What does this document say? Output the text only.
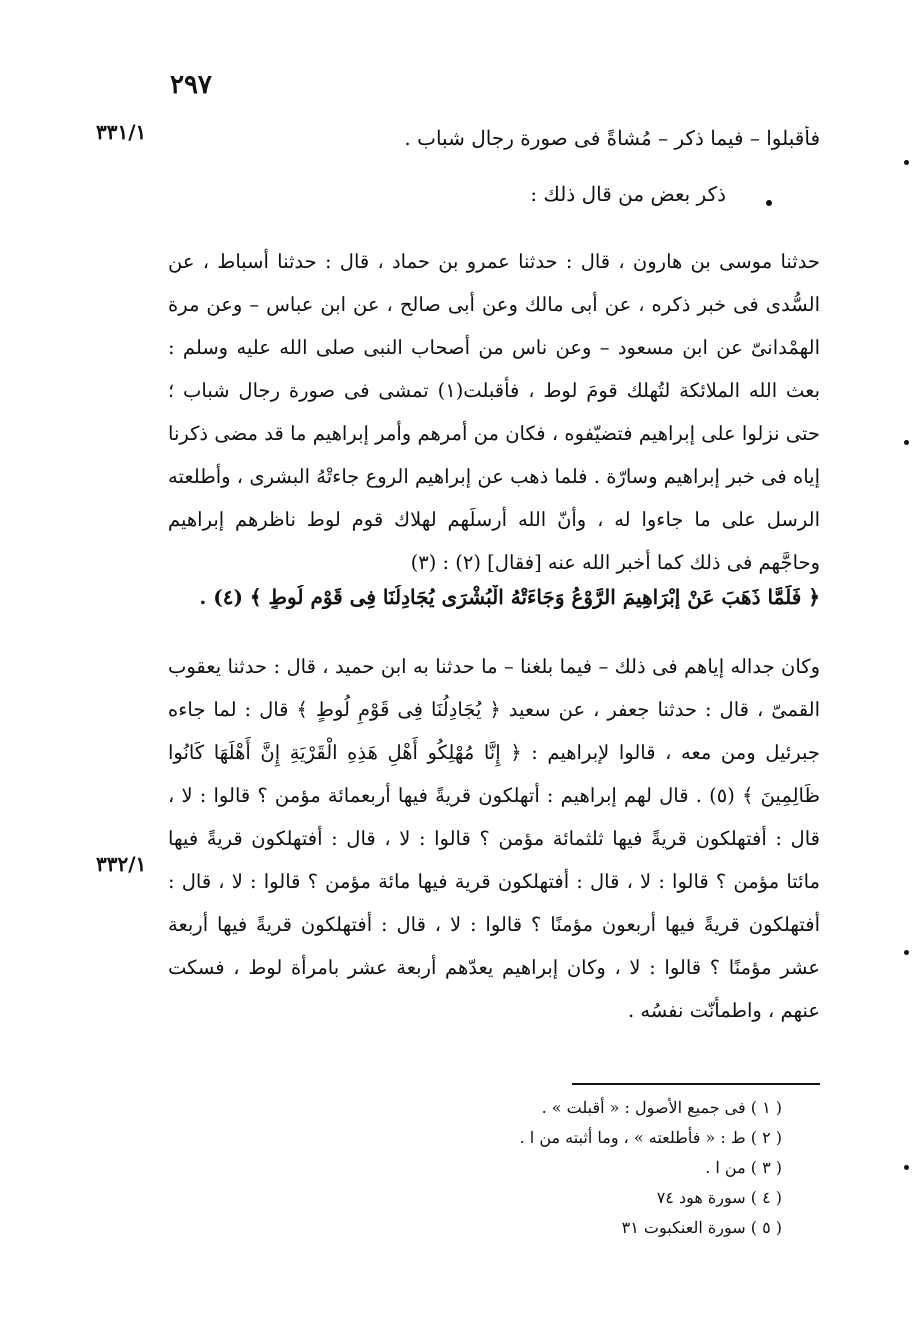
٢٩٧
٣٣١/١
٣٣٢/١
فأقبلوا – فيما ذكر – مُشاةً فى صورة رجال شباب .
ذكر بعض من قال ذلك :
حدثنا موسى بن هارون ، قال : حدثنا عمرو بن حماد ، قال : حدثنا أسباط ، عن السُّدى فى خبر ذكره ، عن أبى مالك وعن أبى صالح ، عن ابن عباس – وعن مرة الهمْدانىّ عن ابن مسعود – وعن ناس من أصحاب النبى صلى الله عليه وسلم : بعث الله الملائكة لتُهلك قومَ لوط ، فأقبلت(١) تمشى فى صورة رجال شباب ؛ حتى نزلوا على إبراهيم فتضيّفوه ، فكان من أمرهم وأمر إبراهيم ما قد مضى ذكرنا إياه فى خبر إبراهيم وسارّة . فلما ذهب عن إبراهيم الروع جاءتْهُ البشرى ، وأطلعته الرسل على ما جاءوا له ، وأنّ الله أرسلَهم لهلاك قوم لوط ناظرهم إبراهيم وحاجَّهم فى ذلك كما أخبر الله عنه [فقال] (٢) : (٣)
﴿ فَلَمَّا ذَهَبَ عَنْ إِبْرَاهِيمَ الرَّوْعُ وَجَاءَتْهُ الْبُشْرَى يُجَادِلُنَا فِى قَوْمِ لُوطٍ ﴾ (٤) .
وكان جداله إياهم فى ذلك – فيما بلغنا – ما حدثنا به ابن حميد ، قال : حدثنا يعقوب القمىّ ، قال : حدثنا جعفر ، عن سعيد ﴿ يُجَادِلُنَا فِى قَوْمِ لُوطٍ ﴾ قال : لما جاءه جبرئيل ومن معه ، قالوا لإبراهيم : ﴿ إِنَّا مُهْلِكُو أَهْلِ هَذِهِ الْقَرْيَةِ إِنَّ أَهْلَهَا كَانُوا ظَالِمِينَ ﴾ (٥) . قال لهم إبراهيم : أتهلكون قريةً فيها أربعمائة مؤمن ؟ قالوا : لا ، قال : أفتهلكون قريةً فيها ثلثمائة مؤمن ؟ قالوا : لا ، قال : أفتهلكون قريةً فيها مائتا مؤمن ؟ قالوا : لا ، قال : أفتهلكون قرية فيها مائة مؤمن ؟ قالوا : لا ، قال : أفتهلكون قريةً فيها أربعون مؤمنًا ؟ قالوا : لا ، قال : أفتهلكون قريةً فيها أربعة عشر مؤمنًا ؟ قالوا : لا ، وكان إبراهيم يعدّهم أربعة عشر بامرأة لوط ، فسكت عنهم ، واطمأنّت نفسُه .
( ١ ) فى جميع الأصول : « أقبلت » .
( ٢ ) ط : « فأطلعته » ، وما أثبته من ا .
( ٣ ) من ا .
( ٤ ) سورة هود ٧٤
( ٥ ) سورة العنكبوت ٣١
